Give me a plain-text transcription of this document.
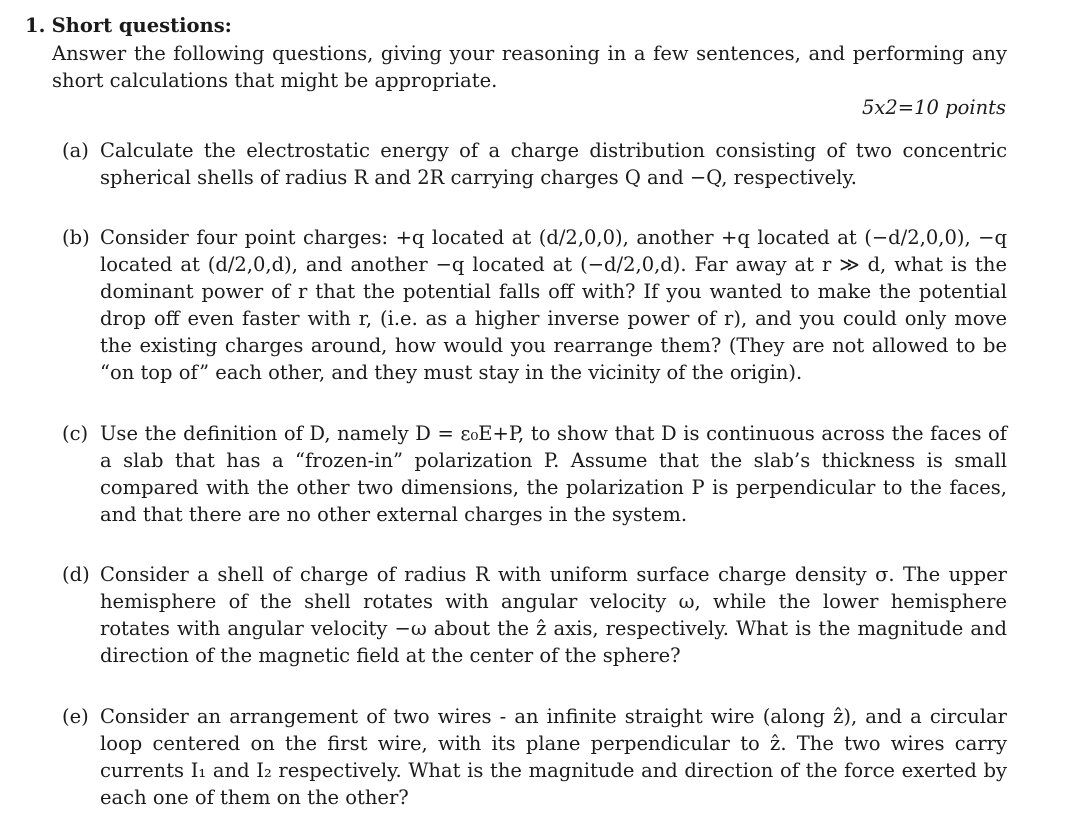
1. Short questions:
Answer the following questions, giving your reasoning in a few sentences, and performing any short calculations that might be appropriate.
5x2=10 points
(a) Calculate the electrostatic energy of a charge distribution consisting of two concentric spherical shells of radius R and 2R carrying charges Q and −Q, respectively.
(b) Consider four point charges: +q located at (d/2,0,0), another +q located at (−d/2,0,0), −q located at (d/2,0,d), and another −q located at (−d/2,0,d). Far away at r ≫ d, what is the dominant power of r that the potential falls off with? If you wanted to make the potential drop off even faster with r, (i.e. as a higher inverse power of r), and you could only move the existing charges around, how would you rearrange them? (They are not allowed to be “on top of” each other, and they must stay in the vicinity of the origin).
(c) Use the definition of D, namely D = ε₀E+P, to show that D is continuous across the faces of a slab that has a “frozen-in” polarization P. Assume that the slab’s thickness is small compared with the other two dimensions, the polarization P is perpendicular to the faces, and that there are no other external charges in the system.
(d) Consider a shell of charge of radius R with uniform surface charge density σ. The upper hemisphere of the shell rotates with angular velocity ω, while the lower hemisphere rotates with angular velocity −ω about the ẑ axis, respectively. What is the magnitude and direction of the magnetic field at the center of the sphere?
(e) Consider an arrangement of two wires - an infinite straight wire (along ẑ), and a circular loop centered on the first wire, with its plane perpendicular to ẑ. The two wires carry currents I₁ and I₂ respectively. What is the magnitude and direction of the force exerted by each one of them on the other?
